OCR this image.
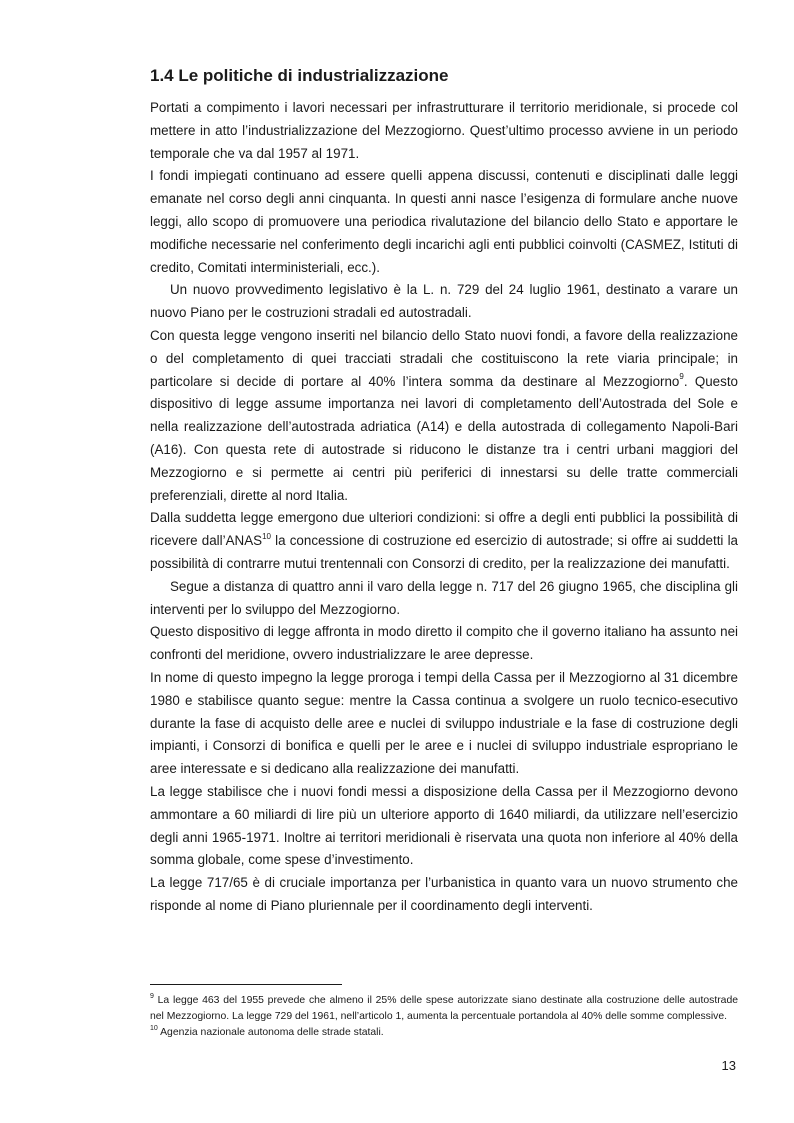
1.4 Le politiche di industrializzazione

Portati a compimento i lavori necessari per infrastrutturare il territorio meridionale, si procede col mettere in atto l’industrializzazione del Mezzogiorno. Quest’ultimo processo avviene in un periodo temporale che va dal 1957 al 1971.

I fondi impiegati continuano ad essere quelli appena discussi, contenuti e disciplinati dalle leggi emanate nel corso degli anni cinquanta. In questi anni nasce l’esigenza di formulare anche nuove leggi, allo scopo di promuovere una periodica rivalutazione del bilancio dello Stato e apportare le modifiche necessarie nel conferimento degli incarichi agli enti pubblici coinvolti (CASMEZ, Istituti di credito, Comitati interministeriali, ecc.).

Un nuovo provvedimento legislativo è la L. n. 729 del 24 luglio 1961, destinato a varare un nuovo Piano per le costruzioni stradali ed autostradali.

Con questa legge vengono inseriti nel bilancio dello Stato nuovi fondi, a favore della realizzazione o del completamento di quei tracciati stradali che costituiscono la rete viaria principale; in particolare si decide di portare al 40% l’intera somma da destinare al Mezzogiorno$^9$. Questo dispositivo di legge assume importanza nei lavori di completamento dell’Autostrada del Sole e nella realizzazione dell’autostrada adriatica (A14) e della autostrada di collegamento Napoli-Bari (A16). Con questa rete di autostrade si riducono le distanze tra i centri urbani maggiori del Mezzogiorno e si permette ai centri più periferici di innestarsi su delle tratte commerciali preferenziali, dirette al nord Italia.

Dalla suddetta legge emergono due ulteriori condizioni: si offre a degli enti pubblici la possibilità di ricevere dall’ANAS$^{10}$ la concessione di costruzione ed esercizio di autostrade; si offre ai suddetti la possibilità di contrarre mutui trentennali con Consorzi di credito, per la realizzazione dei manufatti.

Segue a distanza di quattro anni il varo della legge n. 717 del 26 giugno 1965, che disciplina gli interventi per lo sviluppo del Mezzogiorno.

Questo dispositivo di legge affronta in modo diretto il compito che il governo italiano ha assunto nei confronti del meridione, ovvero industrializzare le aree depresse.

In nome di questo impegno la legge proroga i tempi della Cassa per il Mezzogiorno al 31 dicembre 1980 e stabilisce quanto segue: mentre la Cassa continua a svolgere un ruolo tecnico-esecutivo durante la fase di acquisto delle aree e nuclei di sviluppo industriale e la fase di costruzione degli impianti, i Consorzi di bonifica e quelli per le aree e i nuclei di sviluppo industriale espropriano le aree interessate e si dedicano alla realizzazione dei manufatti.

La legge stabilisce che i nuovi fondi messi a disposizione della Cassa per il Mezzogiorno devono ammontare a 60 miliardi di lire più un ulteriore apporto di 1640 miliardi, da utilizzare nell’esercizio degli anni 1965-1971. Inoltre ai territori meridionali è riservata una quota non inferiore al 40% della somma globale, come spese d’investimento.

La legge 717/65 è di cruciale importanza per l’urbanistica in quanto vara un nuovo strumento che risponde al nome di Piano pluriennale per il coordinamento degli interventi.

$^9$ La legge 463 del 1955 prevede che almeno il 25% delle spese autorizzate siano destinate alla costruzione delle autostrade nel Mezzogiorno. La legge 729 del 1961, nell’articolo 1, aumenta la percentuale portandola al 40% delle somme complessive.

$^{10}$ Agenzia nazionale autonoma delle strade statali.

13
